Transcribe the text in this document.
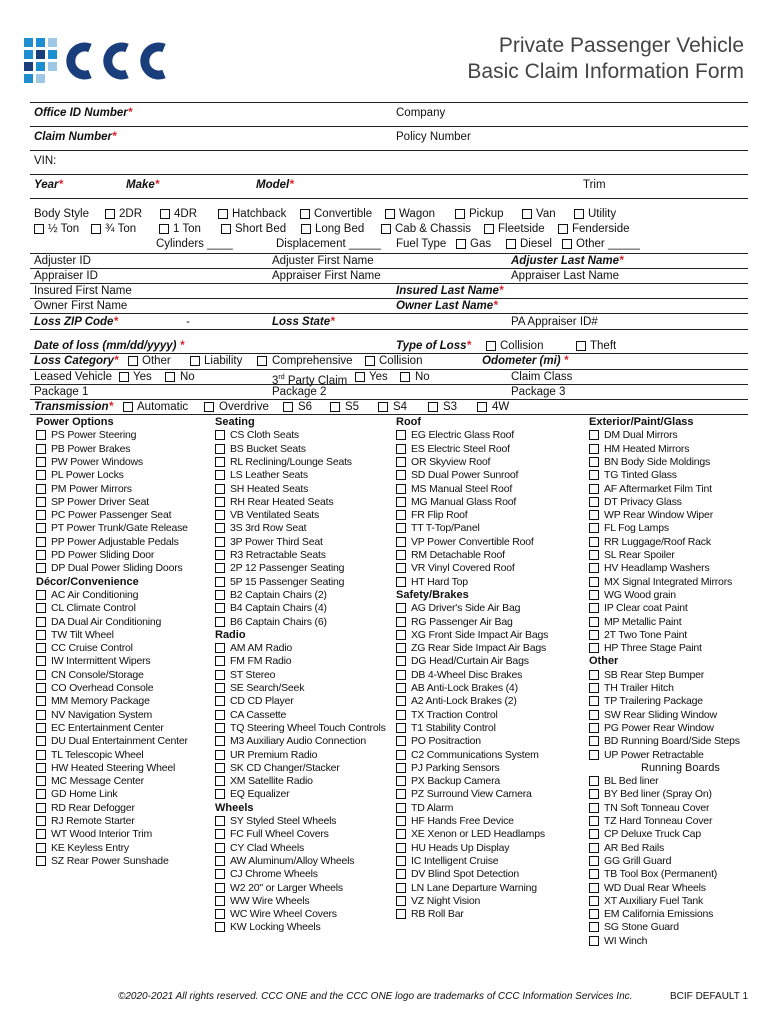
Private Passenger Vehicle
Basic Claim Information Form
Office ID Number*	Company
Claim Number*	Policy Number
VIN:
Year*	Make*	Model*	Trim
Body Style	2DR	4DR	Hatchback Convertible Wagon	Pickup	Van	Utility
½ Ton ¾ Ton	1 Ton	Short Bed	Long Bed	Cab & Chassis Fleetside Fenderside
Cylinders ____	Displacement _____ Fuel Type Gas	Diesel Other _____
Adjuster ID	Adjuster First Name	Adjuster Last Name*
Appraiser ID	Appraiser First Name	Appraiser Last Name
Insured First Name	Insured Last Name*
Owner First Name	Owner Last Name*
Loss ZIP Code*	-	Loss State*	PA Appraiser ID#
Date of loss (mm/dd/yyyy) *	Type of Loss*	Collision	Theft
Loss Category* Other	Liability	Comprehensive Collision	Odometer (mi) *
Leased Vehicle Yes No	3rd Party Claim Yes No	Claim Class
Package 1	Package 2	Package 3
Transmission* Automatic	Overdrive	S6	S5	S4	S3	4W
Power Options
PS Power Steering
PB Power Brakes
PW Power Windows
PL Power Locks
PM Power Mirrors
SP Power Driver Seat
PC Power Passenger Seat
PT Power Trunk/Gate Release
PP Power Adjustable Pedals
PD Power Sliding Door
DP Dual Power Sliding Doors
Décor/Convenience
AC Air Conditioning
CL Climate Control
DA Dual Air Conditioning
TW Tilt Wheel
CC Cruise Control
IW Intermittent Wipers
CN Console/Storage
CO Overhead Console
MM Memory Package
NV Navigation System
EC Entertainment Center
DU Dual Entertainment Center
TL Telescopic Wheel
HW Heated Steering Wheel
MC Message Center
GD Home Link
RD Rear Defogger
RJ Remote Starter
WT Wood Interior Trim
KE Keyless Entry
SZ Rear Power Sunshade
Seating
CS Cloth Seats
BS Bucket Seats
RL Reclining/Lounge Seats
LS Leather Seats
SH Heated Seats
RH Rear Heated Seats
VB Ventilated Seats
3S 3rd Row Seat
3P Power Third Seat
R3 Retractable Seats
2P 12 Passenger Seating
5P 15 Passenger Seating
B2 Captain Chairs (2)
B4 Captain Chairs (4)
B6 Captain Chairs (6)
Radio
AM AM Radio
FM FM Radio
ST Stereo
SE Search/Seek
CD CD Player
CA Cassette
TQ Steering Wheel Touch Controls
M3 Auxiliary Audio Connection
UR Premium Radio
SK CD Changer/Stacker
XM Satellite Radio
EQ Equalizer
Wheels
SY Styled Steel Wheels
FC Full Wheel Covers
CY Clad Wheels
AW Aluminum/Alloy Wheels
CJ Chrome Wheels
W2 20" or Larger Wheels
WW Wire Wheels
WC Wire Wheel Covers
KW Locking Wheels
Roof
EG Electric Glass Roof
ES Electric Steel Roof
OR Skyview Roof
SD Dual Power Sunroof
MS Manual Steel Roof
MG Manual Glass Roof
FR Flip Roof
TT T-Top/Panel
VP Power Convertible Roof
RM Detachable Roof
VR Vinyl Covered Roof
HT Hard Top
Safety/Brakes
AG Driver's Side Air Bag
RG Passenger Air Bag
XG Front Side Impact Air Bags
ZG Rear Side Impact Air Bags
DG Head/Curtain Air Bags
DB 4-Wheel Disc Brakes
AB Anti-Lock Brakes (4)
A2 Anti-Lock Brakes (2)
TX Traction Control
T1 Stability Control
PO Positraction
C2 Communications System
PJ Parking Sensors
PX Backup Camera
PZ Surround View Camera
TD Alarm
HF Hands Free Device
XE Xenon or LED Headlamps
HU Heads Up Display
IC Intelligent Cruise
DV Blind Spot Detection
LN Lane Departure Warning
VZ Night Vision
RB Roll Bar
Exterior/Paint/Glass
DM Dual Mirrors
HM Heated Mirrors
BN Body Side Moldings
TG Tinted Glass
AF Aftermarket Film Tint
DT Privacy Glass
WP Rear Window Wiper
FL Fog Lamps
RR Luggage/Roof Rack
SL Rear Spoiler
HV Headlamp Washers
MX Signal Integrated Mirrors
WG Wood grain
IP Clear coat Paint
MP Metallic Paint
2T Two Tone Paint
HP Three Stage Paint
Other
SB Rear Step Bumper
TH Trailer Hitch
TP Trailering Package
SW Rear Sliding Window
PG Power Rear Window
BD Running Board/Side Steps
UP Power Retractable
Running Boards
BL Bed liner
BY Bed liner (Spray On)
TN Soft Tonneau Cover
TZ Hard Tonneau Cover
CP Deluxe Truck Cap
AR Bed Rails
GG Grill Guard
TB Tool Box (Permanent)
WD Dual Rear Wheels
XT Auxiliary Fuel Tank
EM California Emissions
SG Stone Guard
WI Winch
©2020-2021 All rights reserved. CCC ONE and the CCC ONE logo are trademarks of CCC Information Services Inc.	BCIF DEFAULT 1
